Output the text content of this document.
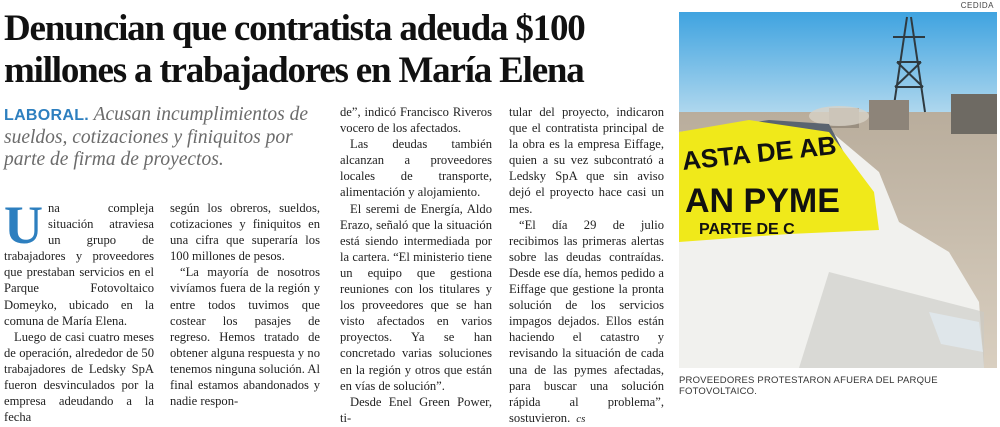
Denuncian que contratista adeuda $100 millones a trabajadores en María Elena
LABORAL. Acusan incumplimientos de sueldos, cotizaciones y finiquitos por parte de firma de proyectos.
U na compleja situación atraviesa un grupo de trabajadores y proveedores que prestaban servicios en el Parque Fotovoltaico Domeyko, ubicado en la comuna de María Elena.

Luego de casi cuatro meses de operación, alrededor de 50 trabajadores de Ledsky SpA fueron desvinculados por la empresa adeudando a la fecha

según los obreros, sueldos, cotizaciones y finiquitos en una cifra que superaría los 100 millones de pesos.

“La mayoría de nosotros vivíamos fuera de la región y entre todos tuvimos que costear los pasajes de regreso. Hemos tratado de obtener alguna respuesta y no tenemos ninguna solución. Al final estamos abandonados y nadie respon-

de”, indicó Francisco Riveros vocero de los afectados.

Las deudas también alcanzan a proveedores locales de transporte, alimentación y alojamiento.

El seremi de Energía, Aldo Erazo, señaló que la situación está siendo intermediada por la cartera. “El ministerio tiene un equipo que gestiona reuniones con los titulares y los proveedores que se han visto afectados en varios proyectos. Ya se han concretado varias soluciones en la región y otros que están en vías de solución”.

Desde Enel Green Power, ti-

tular del proyecto, indicaron que el contratista principal de la obra es la empresa Eiffage, quien a su vez subcontrató a Ledsky SpA que sin aviso dejó el proyecto hace casi un mes.

“El día 29 de julio recibimos las primeras alertas sobre las deudas contraídas. Desde ese día, hemos pedido a Eiffage que gestione la pronta solución de los servicios impagos dejados. Ellos están haciendo el catastro y revisando la situación de cada una de las pymes afectadas, para buscar una solución rápida al problema”, sostuvieron. cs

CEDIDA
ASTA DE AB
AN PYME
PARTE DE C
PROVEEDORES PROTESTARON AFUERA DEL PARQUE FOTOVOLTAICO.
